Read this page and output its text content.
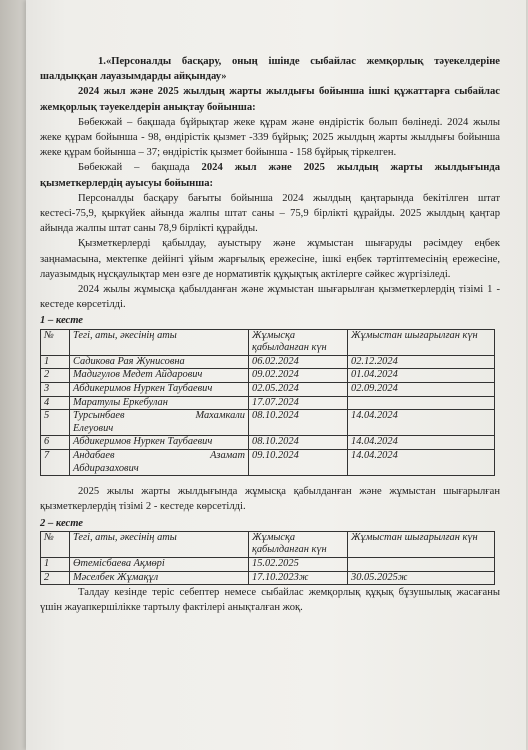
1.«Персоналды басқару, оның ішінде сыбайлас жемқорлық тәуекелдеріне шалдыққан лауазымдарды айқындау»

2024 жыл және 2025 жылдың жарты жылдығы бойынша ішкі құжаттарға сыбайлас жемқорлық тәуекелдерін анықтау бойынша:

Бөбекжай – бақшада бұйрықтар жеке құрам және өндірістік болып бөлінеді. 2024 жылы жеке құрам бойынша - 98, өндірістік қызмет -339 бұйрық; 2025 жылдың жарты жылдығы бойынша жеке құрам бойынша – 37; өндірістік қызмет бойынша - 158 бұйрық тіркелген.

Бөбекжай – бақшада 2024 жыл және 2025 жылдың жарты жылдығында қызметкерлердің ауысуы бойынша:

Персоналды басқару бағыты бойынша 2024 жылдың қаңтарында бекітілген штат кестесі-75,9, қыркүйек айында жалпы штат саны – 75,9 бірлікті құрайды. 2025 жылдың қаңтар айында жалпы штат саны 78,9 бірлікті құрайды.

Қызметкерлерді қабылдау, ауыстыру және жұмыстан шығаруды рәсімдеу еңбек заңнамасына, мектепке дейінгі ұйым жарғылық ережесіне, ішкі еңбек тәртіптемесінің ережесіне, лауазымдық нұсқаулықтар мен өзге де нормативтік құқықтық актілерге сәйкес жүргізіледі.

2024 жылы жұмысқа қабылданған және жұмыстан шығарылған қызметкерлердің тізімі 1 - кестеде көрсетілді.

1 – кесте
№	Тегі, аты, әкесінің аты	Жұмысқа қабылданған күн	Жұмыстан шығарылған күн
1	Садикова Рая Жунисовна	06.02.2024	02.12.2024
2	Мадигулов Медет Айдарович	09.02.2024	01.04.2024
3	Абдикеримов Нуркен Таубаевич	02.05.2024	02.09.2024
4	Маратулы Еркебулан	17.07.2024	
5	Турсынбаев Махамкали
Елеуович	08.10.2024	14.04.2024
6	Абдикеримов Нуркен Таубаевич	08.10.2024	14.04.2024
7	Андабаев Азамат
Абдиразахович	09.10.2024	14.04.2024

2025 жылы жарты жылдығында жұмысқа қабылданған және жұмыстан шығарылған қызметкерлердің тізімі 2 - кестеде көрсетілді.

2 – кесте
№	Тегі, аты, әкесінің аты	Жұмысқа қабылданған күн	Жұмыстан шығарылған күн
1	Өтемісбаева Ақмөрі	15.02.2025	
2	Мәселбек Жұмақұл	17.10.2023ж	30.05.2025ж

Талдау кезінде теріс себептер немесе сыбайлас жемқорлық құқық бұзушылық жасағаны үшін жауапкершілікке тартылу фактілері анықталған жоқ.
